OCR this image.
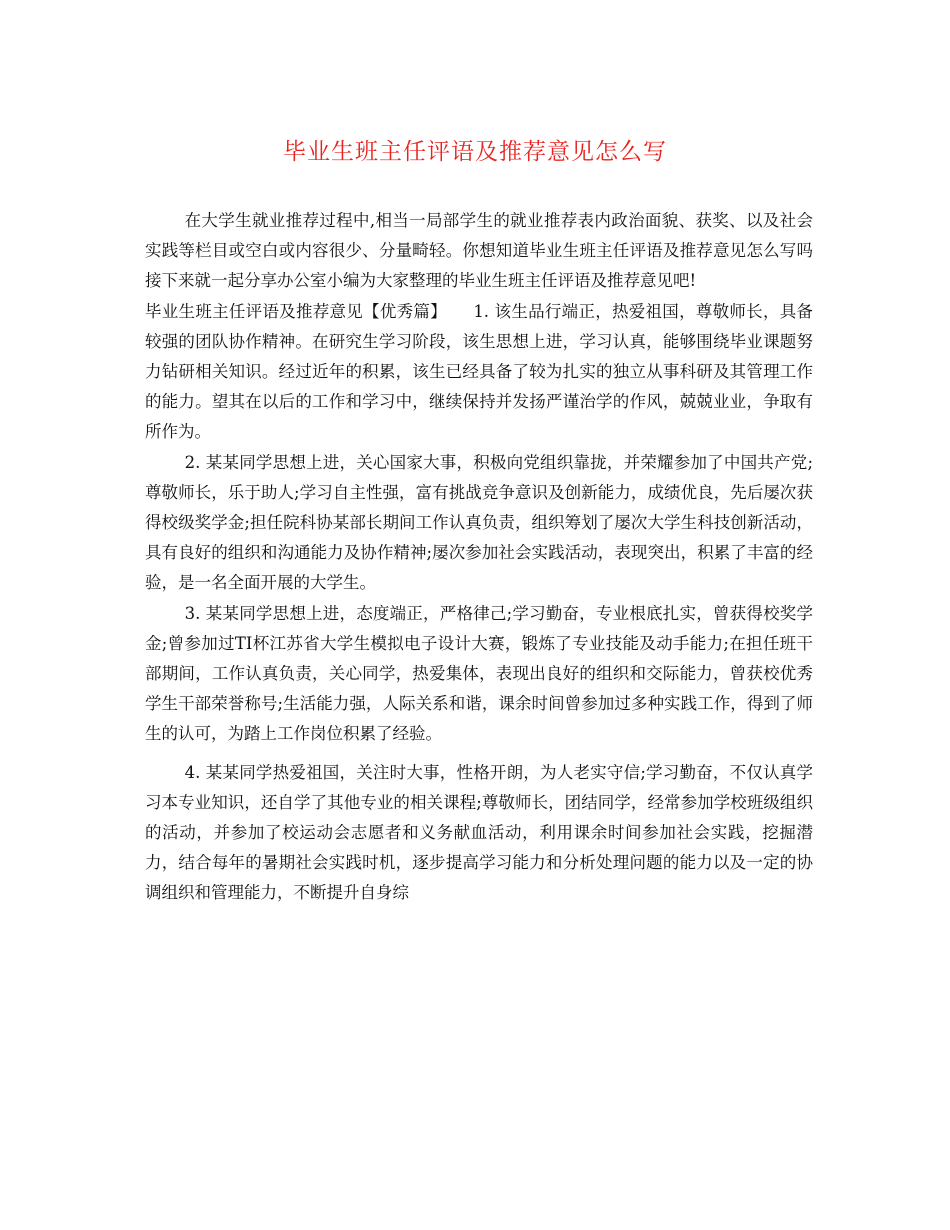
毕业生班主任评语及推荐意见怎么写

在大学生就业推荐过程中,相当一局部学生的就业推荐表内政治面貌、获奖、以及社会实践等栏目或空白或内容很少、分量畸轻。你想知道毕业生班主任评语及推荐意见怎么写吗接下来就一起分享办公室小编为大家整理的毕业生班主任评语及推荐意见吧!

毕业生班主任评语及推荐意见【优秀篇】 1. 该生品行端正，热爱祖国，尊敬师长，具备较强的团队协作精神。在研究生学习阶段，该生思想上进，学习认真，能够围绕毕业课题努力钻研相关知识。经过近年的积累，该生已经具备了较为扎实的独立从事科研及其管理工作的能力。望其在以后的工作和学习中，继续保持并发扬严谨治学的作风，兢兢业业，争取有所作为。

2. 某某同学思想上进，关心国家大事，积极向党组织靠拢，并荣耀参加了中国共产党;尊敬师长，乐于助人;学习自主性强，富有挑战竞争意识及创新能力，成绩优良，先后屡次获得校级奖学金;担任院科协某部长期间工作认真负责，组织筹划了屡次大学生科技创新活动，具有良好的组织和沟通能力及协作精神;屡次参加社会实践活动，表现突出，积累了丰富的经验，是一名全面开展的大学生。

3. 某某同学思想上进，态度端正，严格律己;学习勤奋，专业根底扎实，曾获得校奖学金;曾参加过TI杯江苏省大学生模拟电子设计大赛，锻炼了专业技能及动手能力;在担任班干部期间，工作认真负责，关心同学，热爱集体，表现出良好的组织和交际能力，曾获校优秀学生干部荣誉称号;生活能力强，人际关系和谐，课余时间曾参加过多种实践工作，得到了师生的认可，为踏上工作岗位积累了经验。

4. 某某同学热爱祖国，关注时大事，性格开朗，为人老实守信;学习勤奋，不仅认真学习本专业知识，还自学了其他专业的相关课程;尊敬师长，团结同学，经常参加学校班级组织的活动，并参加了校运动会志愿者和义务献血活动，利用课余时间参加社会实践，挖掘潜力，结合每年的暑期社会实践时机，逐步提高学习能力和分析处理问题的能力以及一定的协调组织和管理能力，不断提升自身综
